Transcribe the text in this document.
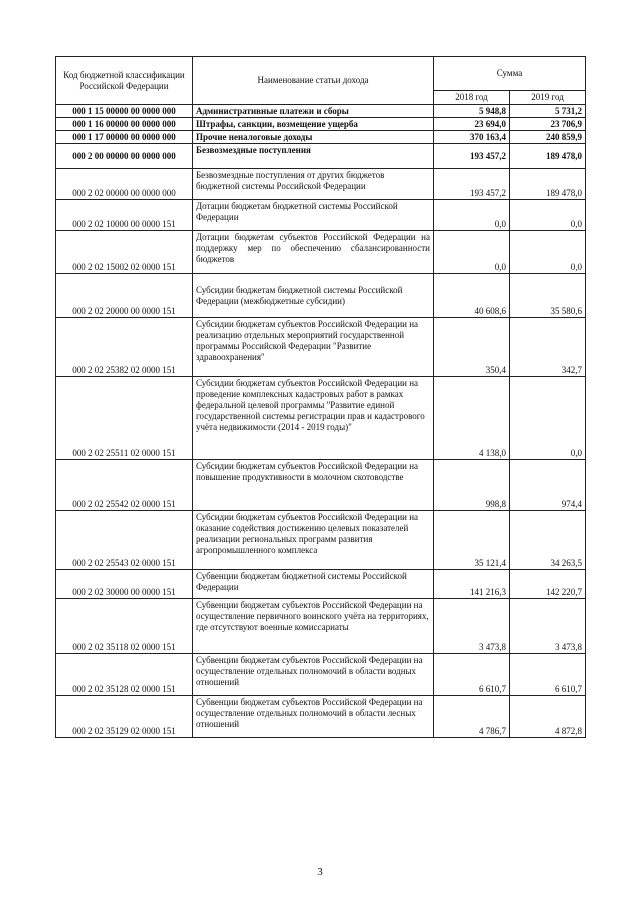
Код бюджетной классификации Российской Федерации	Наименование статьи дохода	Сумма	
		2018 год	2019 год
000 1 15 00000 00 0000 000	Административные платежи и сборы	5 948,8	5 731,2
000 1 16 00000 00 0000 000	Штрафы, санкции, возмещение ущерба	23 694,0	23 706,9
000 1 17 00000 00 0000 000	Прочие неналоговые доходы	370 163,4	240 859,9
000 2 00 00000 00 0000 000	Безвозмездные поступления	193 457,2	189 478,0
000 2 02 00000 00 0000 000	Безвозмездные поступления от других бюджетов бюджетной системы Российской Федерации	193 457,2	189 478,0
000 2 02 10000 00 0000 151	Дотации бюджетам бюджетной системы Российской Федерации	0,0	0,0
000 2 02 15002 02 0000 151	Дотации бюджетам субъектов Российской Федерации на поддержку мер по обеспечению сбалансированности бюджетов	0,0	0,0
000 2 02 20000 00 0000 151	Субсидии бюджетам бюджетной системы Российской Федерации (межбюджетные субсидии)	40 608,6	35 580,6
000 2 02 25382 02 0000 151	Субсидии бюджетам субъектов Российской Федерации на реализацию отдельных мероприятий государственной программы Российской Федерации "Развитие здравоохранения"	350,4	342,7
000 2 02 25511 02 0000 151	Субсидии бюджетам субъектов Российской Федерации на проведение комплексных кадастровых работ в рамках федеральной целевой программы "Развитие единой государственной системы регистрации прав и кадастрового учёта недвижимости (2014 - 2019 годы)"	4 138,0	0,0
000 2 02 25542 02 0000 151	Субсидии бюджетам субъектов Российской Федерации на повышение продуктивности в молочном скотоводстве	998,8	974,4
000 2 02 25543 02 0000 151	Субсидии бюджетам субъектов Российской Федерации на оказание содействия достижению целевых показателей реализации региональных программ развития агропромышленного комплекса	35 121,4	34 263,5
000 2 02 30000 00 0000 151	Субвенции бюджетам бюджетной системы Российской Федерации	141 216,3	142 220,7
000 2 02 35118 02 0000 151	Субвенции бюджетам субъектов Российской Федерации на осуществление первичного воинского учёта на территориях, где отсутствуют военные комиссариаты	3 473,8	3 473,8
000 2 02 35128 02 0000 151	Субвенции бюджетам субъектов Российской Федерации на осуществление отдельных полномочий в области водных отношений	6 610,7	6 610,7
000 2 02 35129 02 0000 151	Субвенции бюджетам субъектов Российской Федерации на осуществление отдельных полномочий в области лесных отношений	4 786,7	4 872,8
3
